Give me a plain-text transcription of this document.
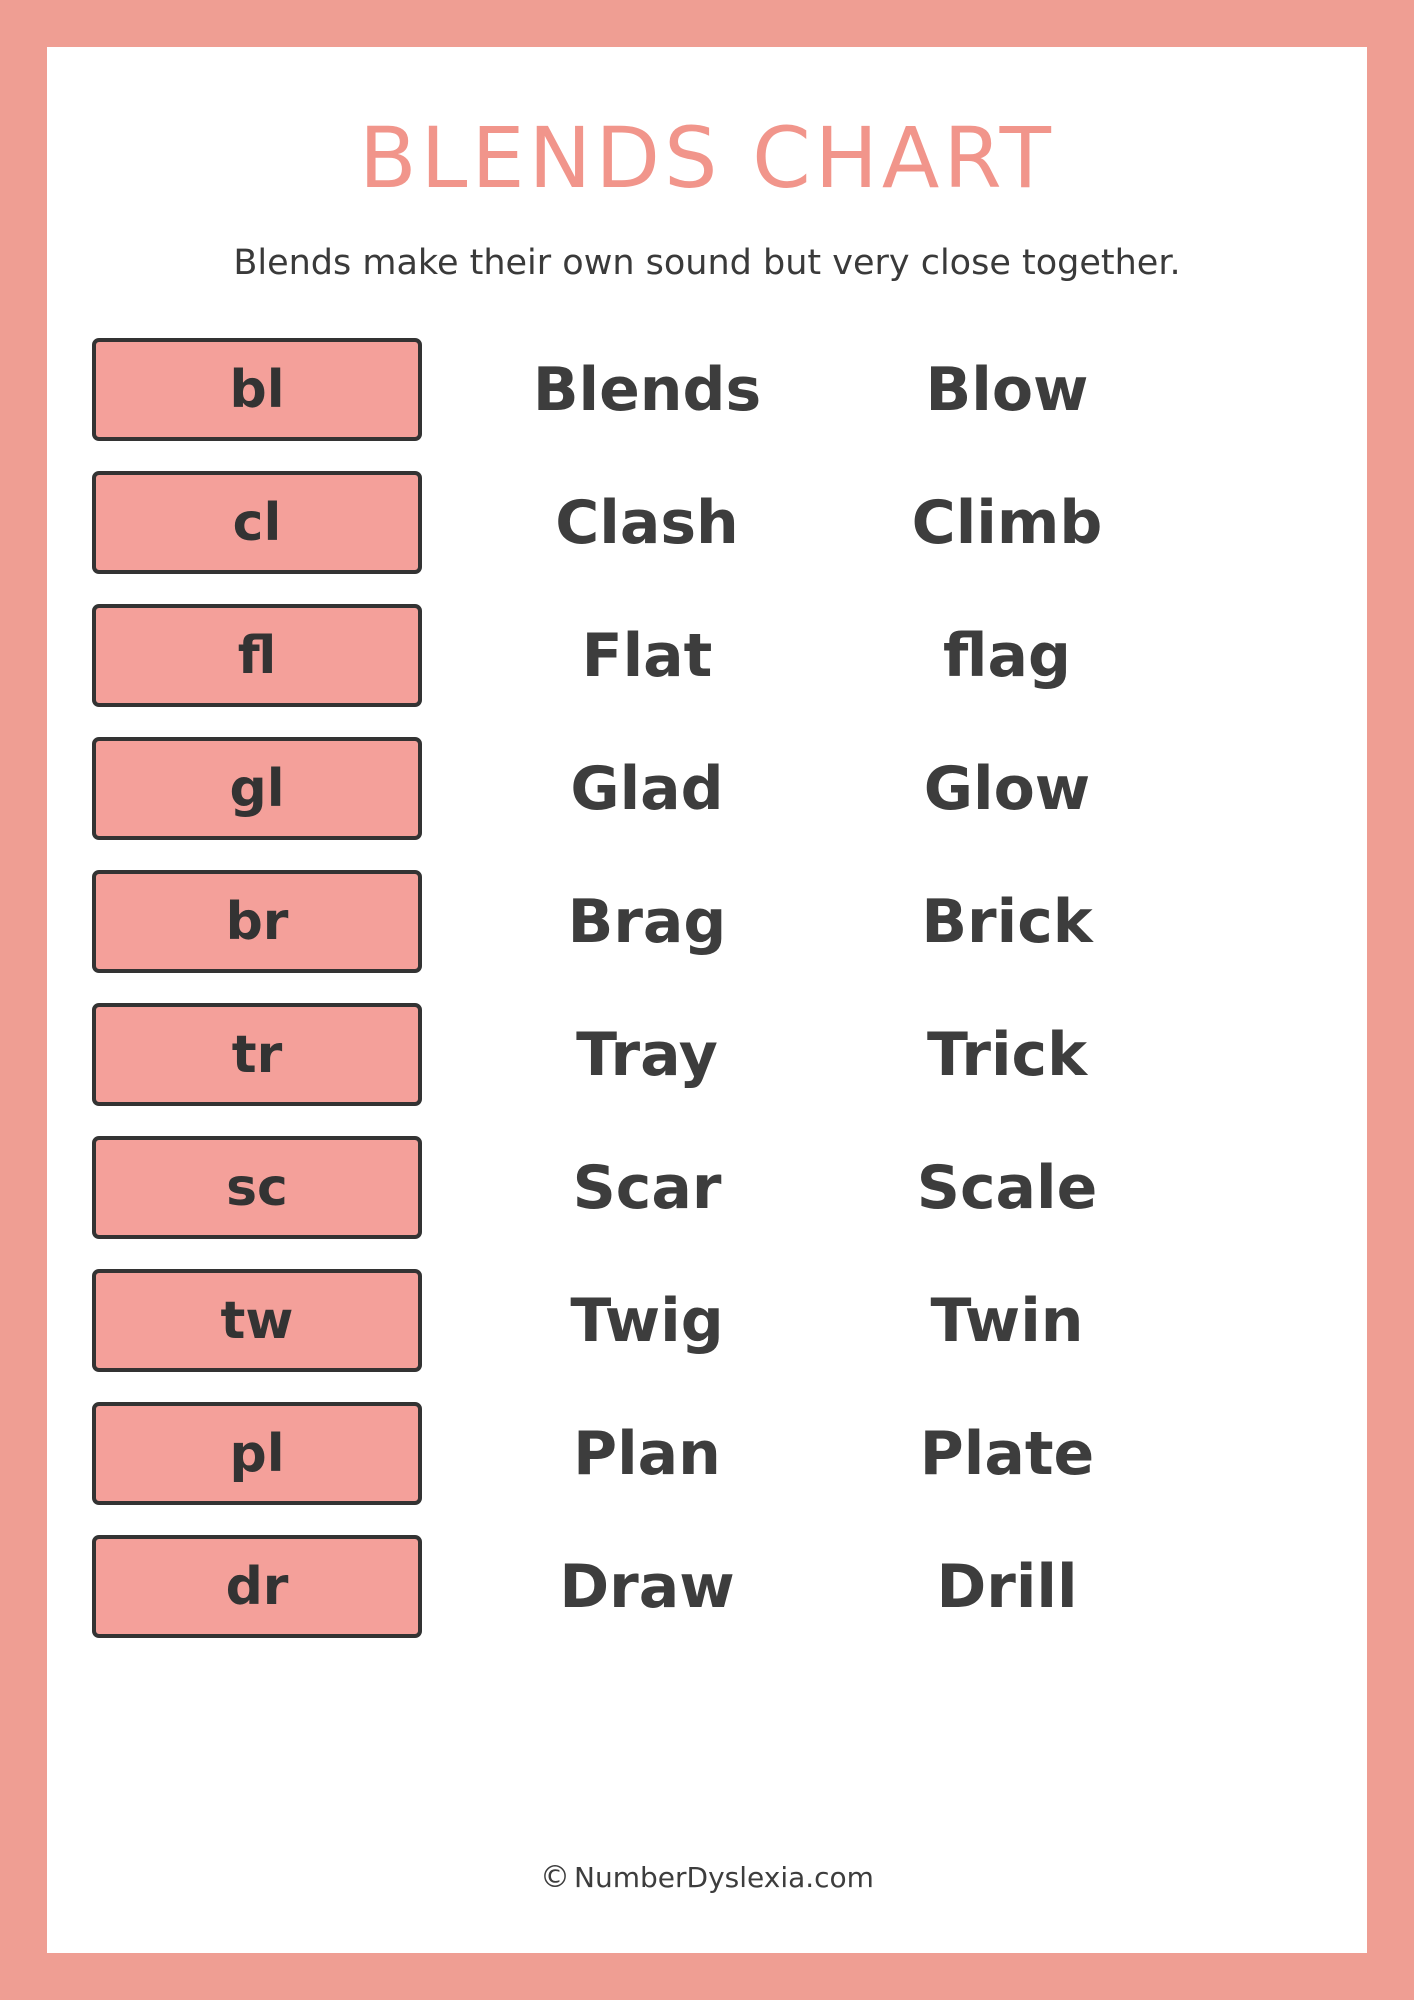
BLENDS CHART

Blends make their own sound but very close together.

bl	Blends	Blow
cl	Clash	Climb
fl	Flat	flag
gl	Glad	Glow
br	Brag	Brick
tr	Tray	Trick
sc	Scar	Scale
tw	Twig	Twin
pl	Plan	Plate
dr	Draw	Drill
© NumberDyslexia.com
